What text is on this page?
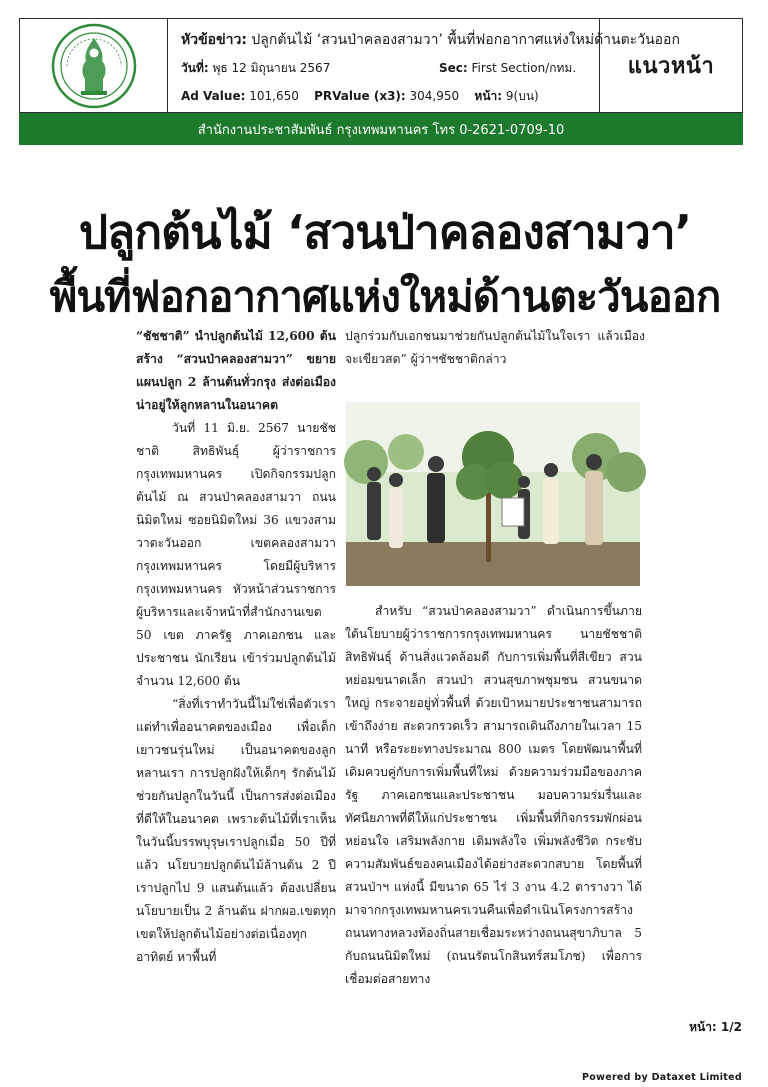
หัวข้อข่าว: ปลูกต้นไม้ ‘สวนป่าคลองสามวา’ พื้นที่ฟอกอากาศแห่งใหม่ด้านตะวันออก
วันที่: พุธ 12 มิถุนายน 2567	Sec: First Section/กทม.
Ad Value: 101,650 PRValue (x3): 304,950 หน้า: 9(บน)
แนวหน้า
สำนักงานประชาสัมพันธ์ กรุงเทพมหานคร โทร 0-2621-0709-10
ปลูกต้นไม้ ‘สวนป่าคลองสามวา’
พื้นที่ฟอกอากาศแห่งใหม่ด้านตะวันออก

“ชัชชาติ” นำปลูกต้นไม้ 12,600 ต้น สร้าง “สวนป่าคลองสามวา” ขยายแผนปลูก 2 ล้านต้นทั่วกรุง ส่งต่อเมืองน่าอยู่ให้ลูกหลานในอนาคต

วันที่ 11 มิ.ย. 2567 นายชัชชาติ สิทธิพันธุ์ ผู้ว่าราชการกรุงเทพมหานคร เปิดกิจกรรมปลูกต้นไม้ ณ สวนป่าคลองสามวา ถนนนิมิตใหม่ ซอยนิมิตใหม่ 36 แขวงสามวาตะวันออก เขตคลองสามวา กรุงเทพมหานคร โดยมีผู้บริหารกรุงเทพมหานคร หัวหน้าส่วนราชการ ผู้บริหารและเจ้าหน้าที่สำนักงานเขต 50 เขต ภาครัฐ ภาคเอกชน และประชาชน นักเรียน เข้าร่วมปลูกต้นไม้ จำนวน 12,600 ต้น

“สิ่งที่เราทำวันนี้ไม่ใช่เพื่อตัวเรา แต่ทำเพื่ออนาคตของเมือง เพื่อเด็กเยาวชนรุ่นใหม่ เป็นอนาคตของลูกหลานเรา การปลูกฝังให้เด็กๆ รักต้นไม้ช่วยกันปลูกในวันนี้ เป็นการส่งต่อเมืองที่ดีให้ในอนาคต เพราะต้นไม้ที่เราเห็นในวันนี้บรรพบุรุษเราปลูกเมื่อ 50 ปีที่แล้ว นโยบายปลูกต้นไม้ล้านต้น 2 ปี เราปลูกไป 9 แสนต้นแล้ว ต้องเปลี่ยนนโยบายเป็น 2 ล้านต้น ฝากผอ.เขตทุกเขตให้ปลูกต้นไม้อย่างต่อเนื่องทุกอาทิตย์ หาพื้นที่

ปลูกร่วมกับเอกชนมาช่วยกันปลูกต้นไม้ในใจเรา แล้วเมืองจะเขียวสด” ผู้ว่าฯชัชชาติกล่าว

สำหรับ “สวนป่าคลองสามวา” ดำเนินการขึ้นภายใต้นโยบายผู้ว่าราชการกรุงเทพมหานคร นายชัชชาติ สิทธิพันธุ์ ด้านสิ่งแวดล้อมดี กับการเพิ่มพื้นที่สีเขียว สวนหย่อมขนาดเล็ก สวนป่า สวนสุขภาพชุมชน สวนขนาดใหญ่ กระจายอยู่ทั่วพื้นที่ ด้วยเป้าหมายประชาชนสามารถเข้าถึงง่าย สะดวกรวดเร็ว สามารถเดินถึงภายในเวลา 15 นาที หรือระยะทางประมาณ 800 เมตร โดยพัฒนาพื้นที่เดิมควบคู่กับการเพิ่มพื้นที่ใหม่ ด้วยความร่วมมือของภาครัฐ ภาคเอกชนและประชาชน มอบความร่มรื่นและทัศนียภาพที่ดีให้แก่ประชาชน เพิ่มพื้นที่กิจกรรมพักผ่อนหย่อนใจ เสริมพลังกาย เติมพลังใจ เพิ่มพลังชีวิต กระชับความสัมพันธ์ของคนเมืองได้อย่างสะดวกสบาย โดยพื้นที่สวนป่าฯ แห่งนี้ มีขนาด 65 ไร่ 3 งาน 4.2 ตารางวา ได้มาจากกรุงเทพมหานครเวนคืนเพื่อดำเนินโครงการสร้างถนนทางหลวงท้องถิ่นสายเชื่อมระหว่างถนนสุขาภิบาล 5 กับถนนนิมิตใหม่ (ถนนรัตนโกสินทร์สมโภช) เพื่อการเชื่อมต่อสายทาง

หน้า: 1/2
Powered by Dataxet Limited
